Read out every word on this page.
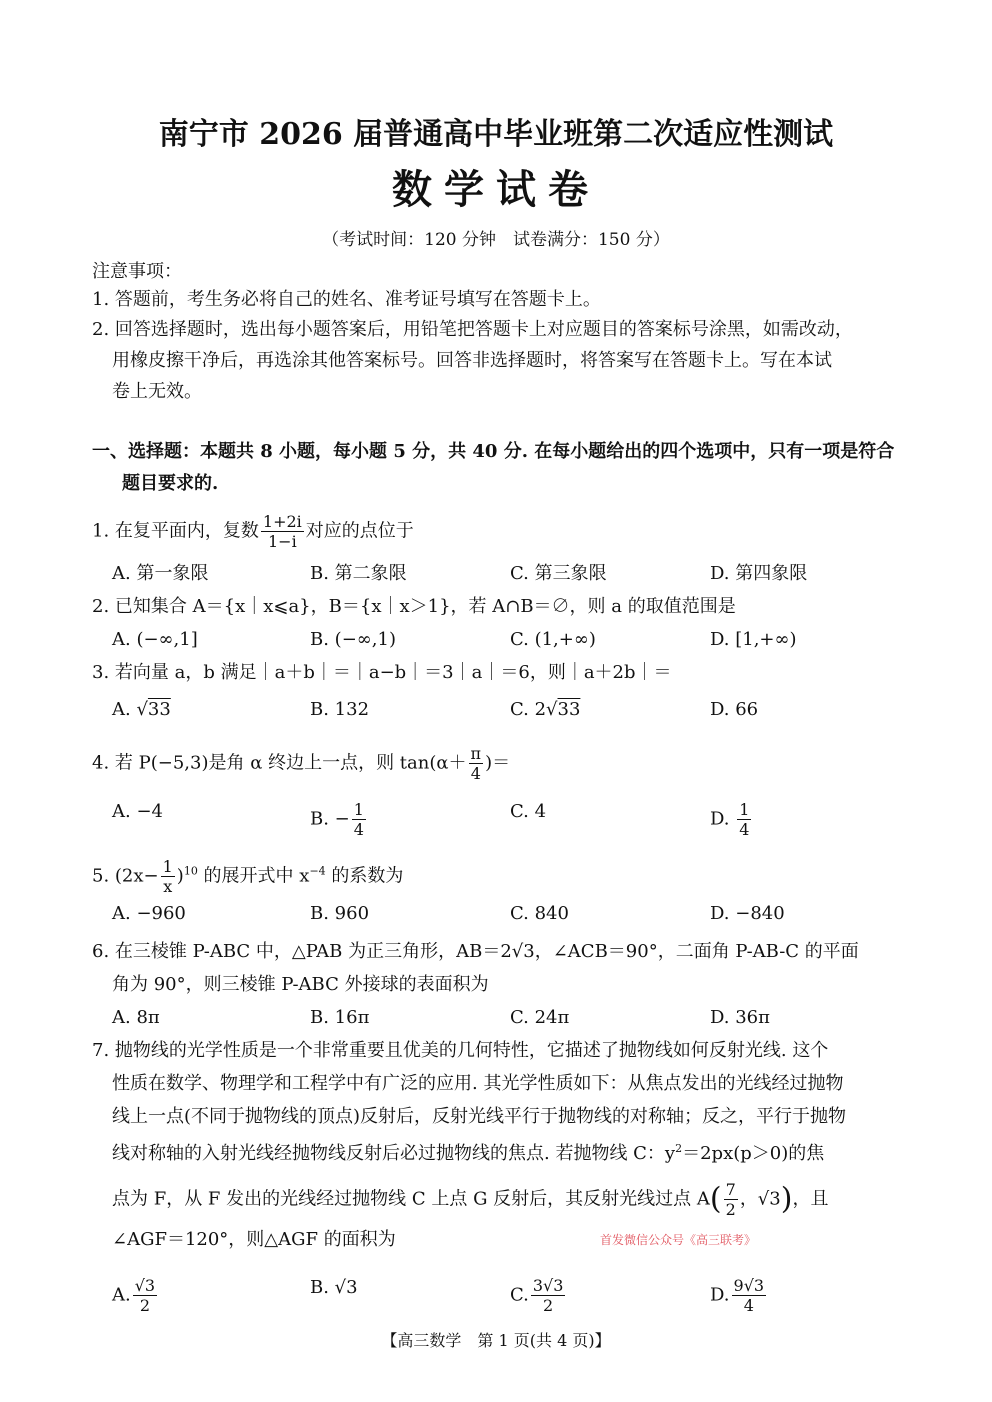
南宁市 2026 届普通高中毕业班第二次适应性测试
数学试卷
（考试时间：120 分钟　试卷满分：150 分）
注意事项：
1. 答题前，考生务必将自己的姓名、准考证号填写在答题卡上。
2. 回答选择题时，选出每小题答案后，用铅笔把答题卡上对应题目的答案标号涂黑，如需改动，
用橡皮擦干净后，再选涂其他答案标号。回答非选择题时，将答案写在答题卡上。写在本试
卷上无效。
一、选择题：本题共 8 小题，每小题 5 分，共 40 分. 在每小题给出的四个选项中，只有一项是符合
题目要求的.
1. 在复平面内，复数 $\frac{1+2i}{1-i}$ 对应的点位于
A. 第一象限	B. 第二象限	C. 第三象限	D. 第四象限
2. 已知集合 A＝{x｜x⩽a}，B＝{x｜x＞1}，若 A∩B＝∅，则 a 的取值范围是
A. (−∞,1]	B. (−∞,1)	C. (1,+∞)	D. [1,+∞)
3. 若向量 a，b 满足｜a＋b｜＝｜a−b｜＝3｜a｜＝6，则｜a＋2b｜＝
A. √33	B. 132	C. 2√33	D. 66
4. 若 P(−5,3)是角 α 终边上一点，则 $\tan(\alpha+ \frac{\pi}{4}$ )＝
A. −4	B. − $\frac{1}{4}$	C. 4	D. $\frac{1}{4}$
5. $(2x- \frac{1}{x} )^{10}$ 的展开式中 $x^{-4}$ 的系数为
A. −960	B. 960	C. 840	D. −840
6. 在三棱锥 P-ABC 中，△PAB 为正三角形，AB＝2√3，∠ACB＝90°，二面角 P-AB-C 的平面
角为 90°，则三棱锥 P-ABC 外接球的表面积为
A. 8π	B. 16π	C. 24π	D. 36π
7. 抛物线的光学性质是一个非常重要且优美的几何特性，它描述了抛物线如何反射光线. 这个
性质在数学、物理学和工程学中有广泛的应用. 其光学性质如下：从焦点发出的光线经过抛物
线上一点(不同于抛物线的顶点)反射后，反射光线平行于抛物线的对称轴；反之，平行于抛物
线对称轴的入射光线经抛物线反射后必过抛物线的焦点. 若抛物线 C：$y^2=2px(p>0)$的焦
点为 F，从 F 发出的光线经过抛物线 C 上点 G 反射后，其反射光线过点 $A( \frac{7}{2}$ ，√3)，且
∠AGF＝120°，则△AGF 的面积为	首发微信公众号《高三联考》
A. $\frac{√3}{2}$	B. √3	C. $\frac{3√3}{2}$	D. $\frac{9√3}{4}$
【高三数学　第 1 页(共 4 页)】
